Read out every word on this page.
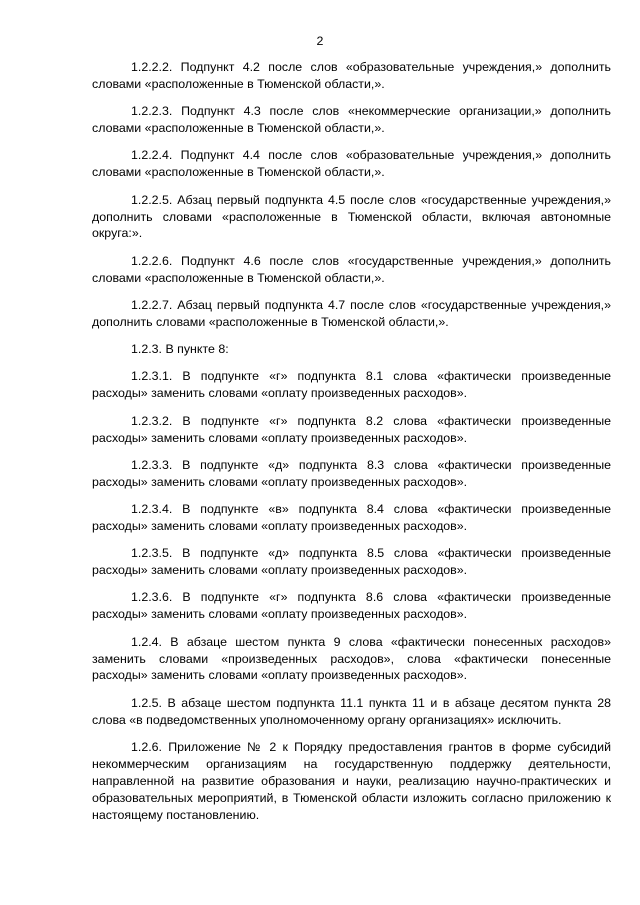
2

1.2.2.2. Подпункт 4.2 после слов «образовательные учреждения,» дополнить словами «расположенные в Тюменской области,».

1.2.2.3. Подпункт 4.3 после слов «некоммерческие организации,» дополнить словами «расположенные в Тюменской области,».

1.2.2.4. Подпункт 4.4 после слов «образовательные учреждения,» дополнить словами «расположенные в Тюменской области,».

1.2.2.5. Абзац первый подпункта 4.5 после слов «государственные учреждения,» дополнить словами «расположенные в Тюменской области, включая автономные округа:».

1.2.2.6. Подпункт 4.6 после слов «государственные учреждения,» дополнить словами «расположенные в Тюменской области,».

1.2.2.7. Абзац первый подпункта 4.7 после слов «государственные учреждения,» дополнить словами «расположенные в Тюменской области,».

1.2.3. В пункте 8:

1.2.3.1. В подпункте «г» подпункта 8.1 слова «фактически произведенные расходы» заменить словами «оплату произведенных расходов».

1.2.3.2. В подпункте «г» подпункта 8.2 слова «фактически произведенные расходы» заменить словами «оплату произведенных расходов».

1.2.3.3. В подпункте «д» подпункта 8.3 слова «фактически произведенные расходы» заменить словами «оплату произведенных расходов».

1.2.3.4. В подпункте «в» подпункта 8.4 слова «фактически произведенные расходы» заменить словами «оплату произведенных расходов».

1.2.3.5. В подпункте «д» подпункта 8.5 слова «фактически произведенные расходы» заменить словами «оплату произведенных расходов».

1.2.3.6. В подпункте «г» подпункта 8.6 слова «фактически произведенные расходы» заменить словами «оплату произведенных расходов».

1.2.4. В абзаце шестом пункта 9 слова «фактически понесенных расходов» заменить словами «произведенных расходов», слова «фактически понесенные расходы» заменить словами «оплату произведенных расходов».

1.2.5. В абзаце шестом подпункта 11.1 пункта 11 и в абзаце десятом пункта 28 слова «в подведомственных уполномоченному органу организациях» исключить.

1.2.6. Приложение № 2 к Порядку предоставления грантов в форме субсидий некоммерческим организациям на государственную поддержку деятельности, направленной на развитие образования и науки, реализацию научно-практических и образовательных мероприятий, в Тюменской области изложить согласно приложению к настоящему постановлению.
